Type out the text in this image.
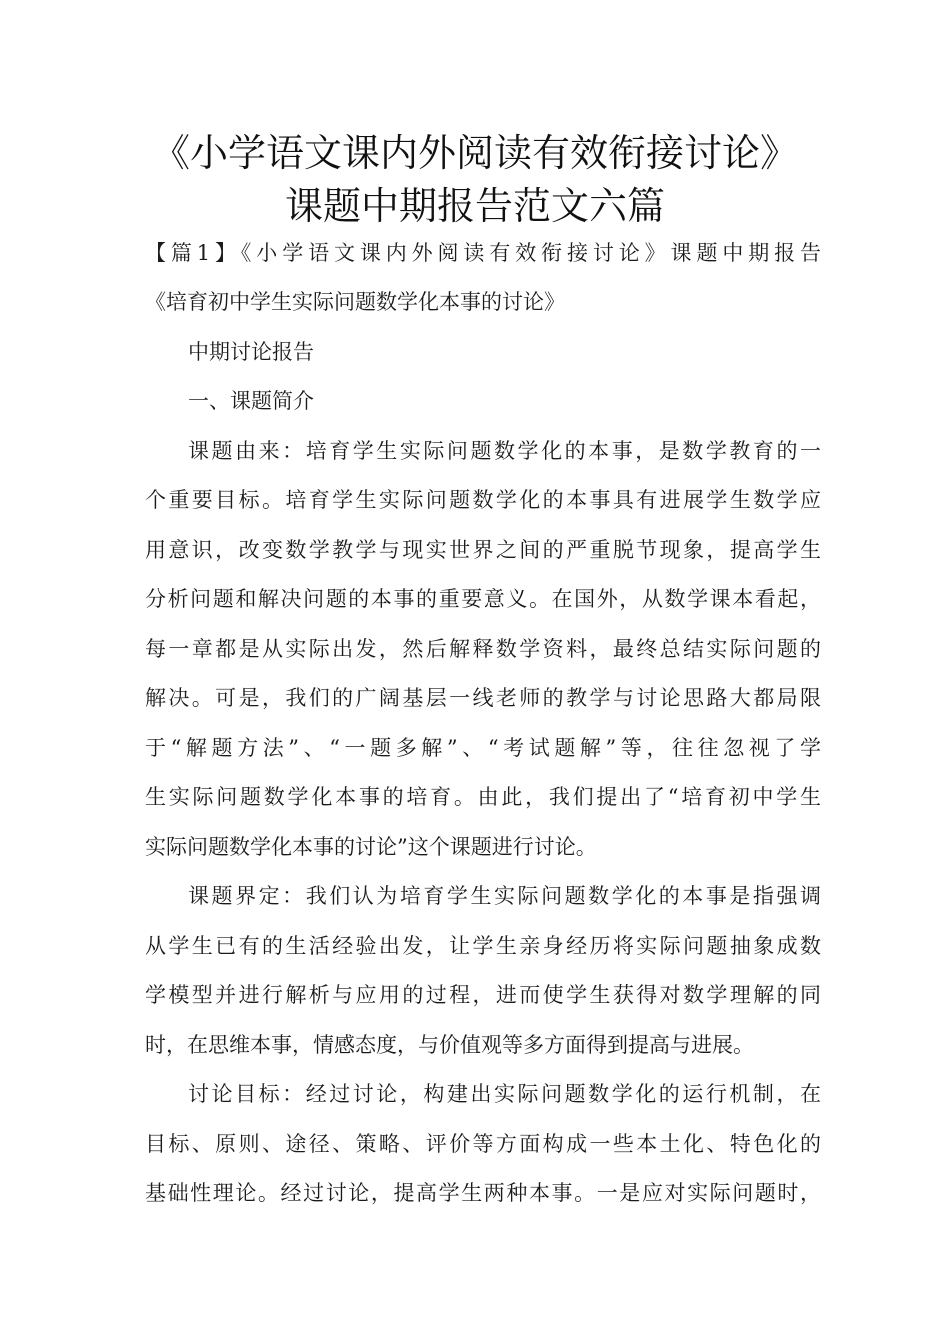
《小学语文课内外阅读有效衔接讨论》
课题中期报告范文六篇
【篇1】《小学语文课内外阅读有效衔接讨论》课题中期报告
《培育初中学生实际问题数学化本事的讨论》
中期讨论报告
一、课题简介
课题由来：培育学生实际问题数学化的本事，是数学教育的一
个重要目标。培育学生实际问题数学化的本事具有进展学生数学应
用意识，改变数学教学与现实世界之间的严重脱节现象，提高学生
分析问题和解决问题的本事的重要意义。在国外，从数学课本看起，
每一章都是从实际出发，然后解释数学资料，最终总结实际问题的
解决。可是，我们的广阔基层一线老师的教学与讨论思路大都局限
于“解题方法”、“一题多解”、“考试题解”等，往往忽视了学
生实际问题数学化本事的培育。由此，我们提出了“培育初中学生
实际问题数学化本事的讨论”这个课题进行讨论。
课题界定：我们认为培育学生实际问题数学化的本事是指强调
从学生已有的生活经验出发，让学生亲身经历将实际问题抽象成数
学模型并进行解析与应用的过程，进而使学生获得对数学理解的同
时，在思维本事，情感态度，与价值观等多方面得到提高与进展。
讨论目标：经过讨论，构建出实际问题数学化的运行机制，在
目标、原则、途径、策略、评价等方面构成一些本土化、特色化的
基础性理论。经过讨论，提高学生两种本事。一是应对实际问题时，
